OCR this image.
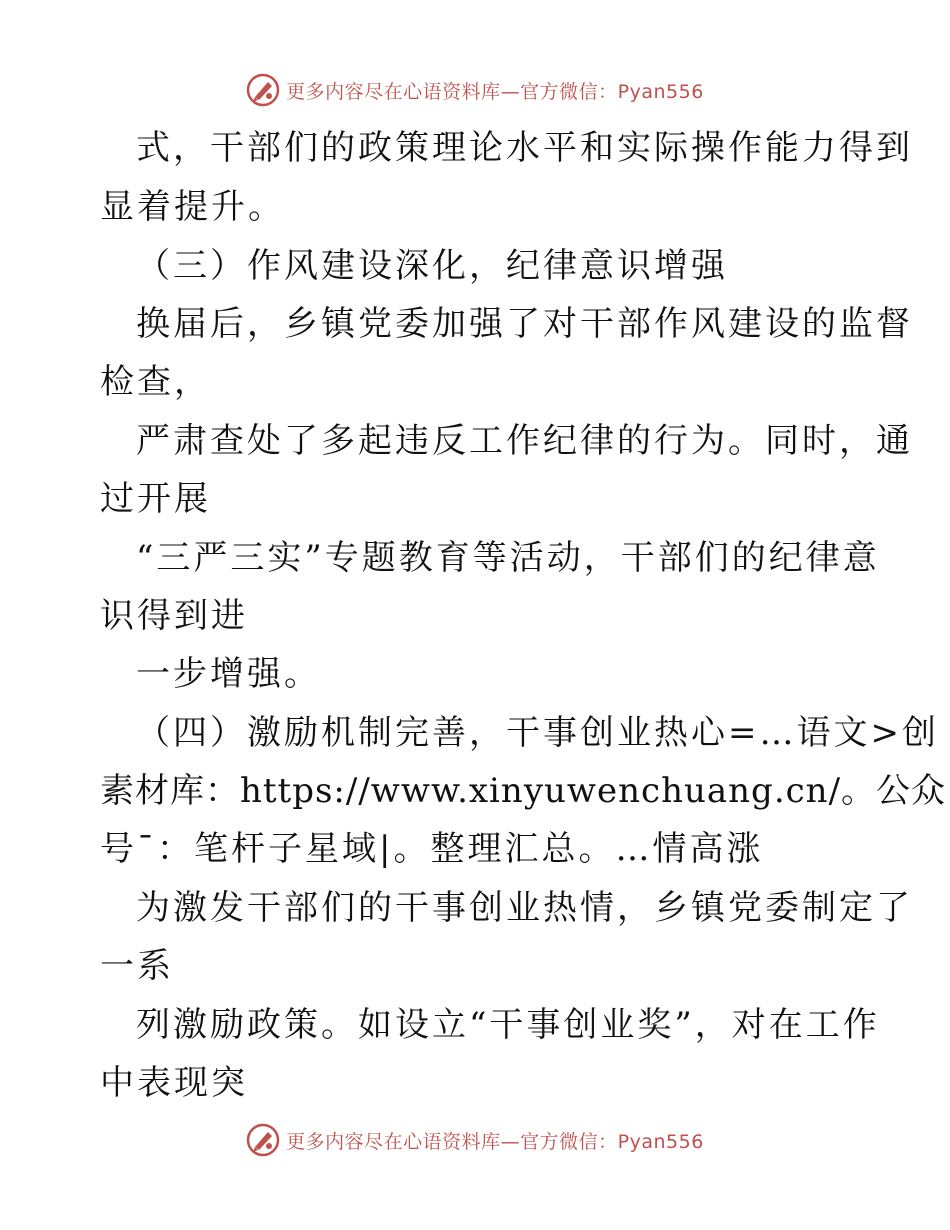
更多内容尽在心语资料库—官方微信：Pyan556
式，干部们的政策理论水平和实际操作能力得到
显着提升。
（三）作风建设深化，纪律意识增强
换届后，乡镇党委加强了对干部作风建设的监督
检查，
严肃查处了多起违反工作纪律的行为。同时，通
过开展
“三严三实”专题教育等活动，干部们的纪律意
识得到进
一步增强。
（四）激励机制完善，干事创业热心=…语文>创
素材库：https://www.xinyuwenchuang.cn/。公众
号¯：笔杆子星域|。整理汇总。…情高涨
为激发干部们的干事创业热情，乡镇党委制定了
一系
列激励政策。如设立“干事创业奖”，对在工作
中表现突
更多内容尽在心语资料库—官方微信：Pyan556
